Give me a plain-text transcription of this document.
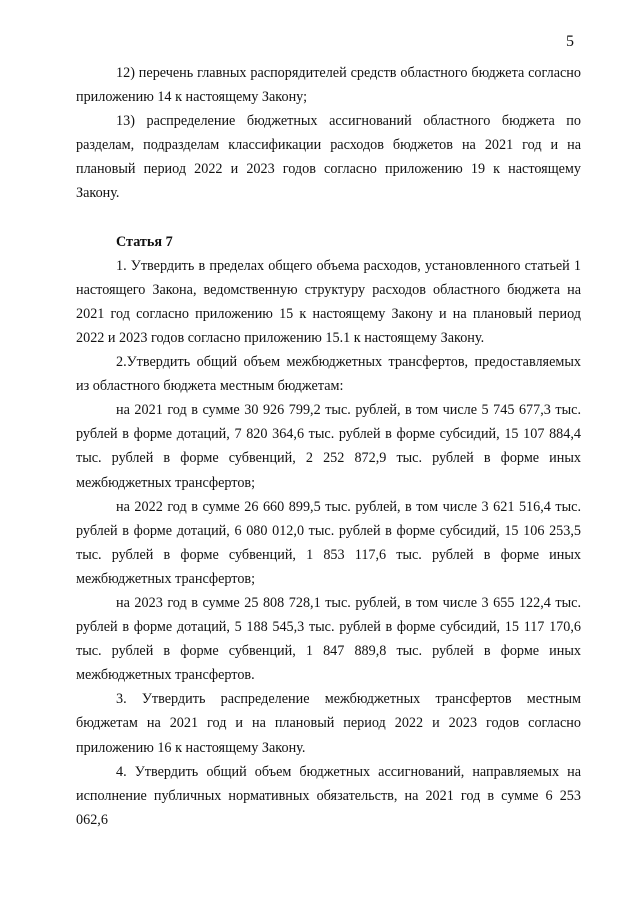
5

12) перечень главных распорядителей средств областного бюджета согласно приложению 14 к настоящему Закону;

13) распределение бюджетных ассигнований областного бюджета по разделам, подразделам классификации расходов бюджетов на 2021 год и на плановый период 2022 и 2023 годов согласно приложению 19 к настоящему Закону.

Статья 7

1. Утвердить в пределах общего объема расходов, установленного статьей 1 настоящего Закона, ведомственную структуру расходов областного бюджета на 2021 год согласно приложению 15 к настоящему Закону и на плановый период 2022 и 2023 годов согласно приложению 15.1 к настоящему Закону.

2.Утвердить общий объем межбюджетных трансфертов, предоставляемых из областного бюджета местным бюджетам:

на 2021 год в сумме 30 926 799,2 тыс. рублей, в том числе 5 745 677,3 тыс. рублей в форме дотаций, 7 820 364,6 тыс. рублей в форме субсидий, 15 107 884,4 тыс. рублей в форме субвенций, 2 252 872,9 тыс. рублей в форме иных межбюджетных трансфертов;

на 2022 год в сумме 26 660 899,5 тыс. рублей, в том числе 3 621 516,4 тыс. рублей в форме дотаций, 6 080 012,0 тыс. рублей в форме субсидий, 15 106 253,5 тыс. рублей в форме субвенций, 1 853 117,6 тыс. рублей в форме иных межбюджетных трансфертов;

на 2023 год в сумме 25 808 728,1 тыс. рублей, в том числе 3 655 122,4 тыс. рублей в форме дотаций, 5 188 545,3 тыс. рублей в форме субсидий, 15 117 170,6 тыс. рублей в форме субвенций, 1 847 889,8 тыс. рублей в форме иных межбюджетных трансфертов.

3. Утвердить распределение межбюджетных трансфертов местным бюджетам на 2021 год и на плановый период 2022 и 2023 годов согласно приложению 16 к настоящему Закону.

4. Утвердить общий объем бюджетных ассигнований, направляемых на исполнение публичных нормативных обязательств, на 2021 год в сумме 6 253 062,6
